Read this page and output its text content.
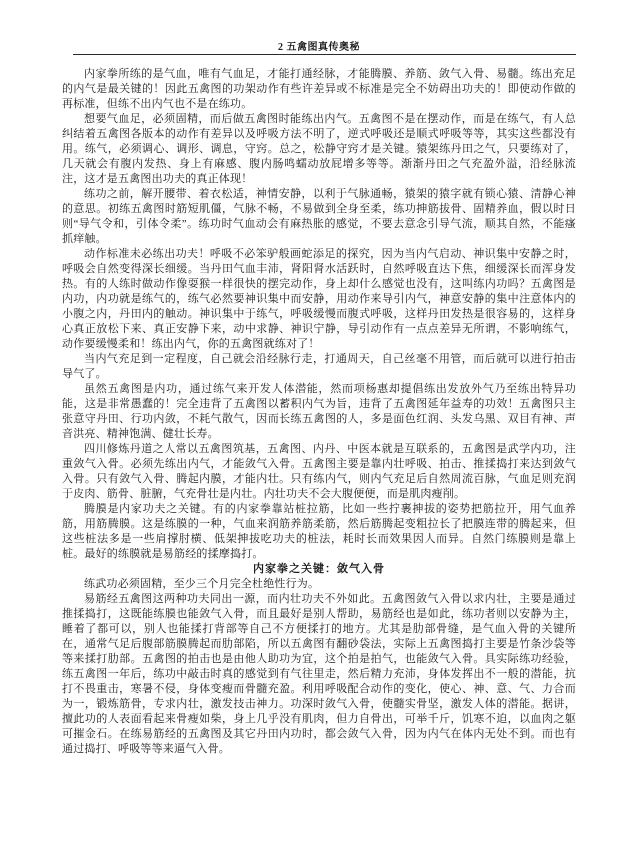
2 五禽图真传奥秘

内家拳所练的是气血，唯有气血足，才能打通经脉，才能腾膜、养筋、敛气入骨、易髓。练出充足的内气是最关键的！因此五禽图的功架动作有些许差异或不标准是完全不妨碍出功夫的！即使动作做的再标准，但练不出内气也不是在练功。

想要气血足，必须固精，而后做五禽图时能练出内气。五禽图不是在摆动作，而是在练气，有人总纠结着五禽图各版本的动作有差异以及呼吸方法不明了，逆式呼吸还是顺式呼吸等等，其实这些都没有用。练气，必须调心、调形、调息，守窍。总之，松静守窍才是关键。猿架练丹田之气，只要练对了，几天就会有腹内发热、身上有麻感、腹内肠鸣蠕动放屁增多等等。渐渐丹田之气充盈外溢，沿经脉流注，这才是五禽图出功夫的真正体现！

练功之前，解开腰带、着衣松适，神情安静，以利于气脉通畅，猿架的猿字就有锁心猿、清静心神的意思。初练五禽图时筋短肌僵，气脉不畅，不易做到全身至柔，练功抻筋拔骨、固精养血，假以时日则“导气令和，引体令柔”。练功时气血动会有麻热胀的感觉，不要去意念引导气流，顺其自然，不能瘙抓痒触。

动作标准未必练出功夫！呼吸不必笨驴般画蛇添足的探究，因为当内气启动、神识集中安静之时，呼吸会自然变得深长细缓。当丹田气血丰沛，肾阳肾水活跃时，自然呼吸直达下焦，细缓深长而浑身发热。有的人练时做动作像耍猴一样很快的摆完动作，身上却什么感觉也没有，这叫练内功吗？五禽图是内功，内功就是练气的，练气必然要神识集中而安静，用动作来导引内气，神意安静的集中注意体内的小腹之内，丹田内的触动。神识集中于练气，呼吸缓慢而腹式呼吸，这样丹田发热是很容易的，这样身心真正放松下来、真正安静下来，动中求静、神识宁静，导引动作有一点点差异无所谓，不影响练气，动作要缓慢柔和！练出内气，你的五禽图就练对了！

当内气充足到一定程度，自己就会沿经脉行走，打通周天，自己丝毫不用管，而后就可以进行拍击导气了。

虽然五禽图是内功，通过练气来开发人体潜能，然而项杨惠却提倡练出发放外气乃至练出特异功能，这是非常愚蠢的！完全违背了五禽图以蓄积内气为旨，违背了五禽图延年益寿的功效！五禽图只主张意守丹田、行功内敛，不耗气散气，因而长练五禽图的人，多是面色红润、头发乌黑、双目有神、声音洪亮、精神饱满、健壮长寿。

四川修炼丹道之人常以五禽图筑基，五禽图、内丹、中医本就是互联系的，五禽图是武学内功，注重敛气入骨。必须先练出内气，才能敛气入骨。五禽图主要是靠内壮呼吸、拍击、推揉捣打来达到敛气入骨。只有敛气入骨、腾起内膜，才能内壮。只有练内气，则内气充足后自然周流百脉，气血足则充润于皮肉、筋骨、脏腑，气充骨壮是内壮。内壮功夫不会大腹便便，而是肌肉瘦削。

腾膜是内家功夫之关键。有的内家拳靠站桩拉筋，比如一些拧裹抻拔的姿势把筋拉开，用气血养筋，用筋腾膜。这是练膜的一种，气血来润筋养筋柔筋，然后筋腾起变粗拉长了把膜连带的腾起来，但这些桩法多是一些肩撑肘横、低架抻拔吃功夫的桩法，耗时长而效果因人而异。自然门练膜则是靠上桩。最好的练膜就是易筋经的揉摩捣打。

内家拳之关键：敛气入骨

练武功必须固精，至少三个月完全杜绝性行为。

易筋经五禽图这两种功夫同出一源，而内壮功夫不外如此。五禽图敛气入骨以求内壮，主要是通过推揉捣打，这既能练膜也能敛气入骨，而且最好是别人帮助，易筋经也是如此，练功者则以安静为主，睡着了都可以，别人也能揉打背部等自己不方便揉打的地方。尤其是肋部骨缝，是气血入骨的关键所在，通常气足后腹部筋膜腾起而肋部陷，所以五禽图有翻砂袋法，实际上五禽图捣打主要是竹条沙袋等等来揉打肋部。五禽图的拍击也是由他人助功为宜，这个拍是拍气，也能敛气入骨。具实际练功经验，练五禽图一年后，练功中敲击时真的感觉到有气往里走，然后精力充沛，身体发挥出不一般的潜能，抗打不畏重击，寒暑不侵，身体变瘦而骨髓充盈。利用呼吸配合动作的变化，使心、神、意、气、力合而为一，锻炼筋骨，专求内壮，激发技击神力。功深时敛气入骨，使髓实骨坚，激发人体的潜能。据讲，擅此功的人表面看起来骨瘦如柴，身上几乎没有肌肉，但力自骨出，可举千斤，饥寒不迫，以血肉之躯可摧金石。在练易筋经的五禽图及其它丹田内功时，都会敛气入骨，因为内气在体内无处不到。而也有通过捣打、呼吸等等来逼气入骨。
